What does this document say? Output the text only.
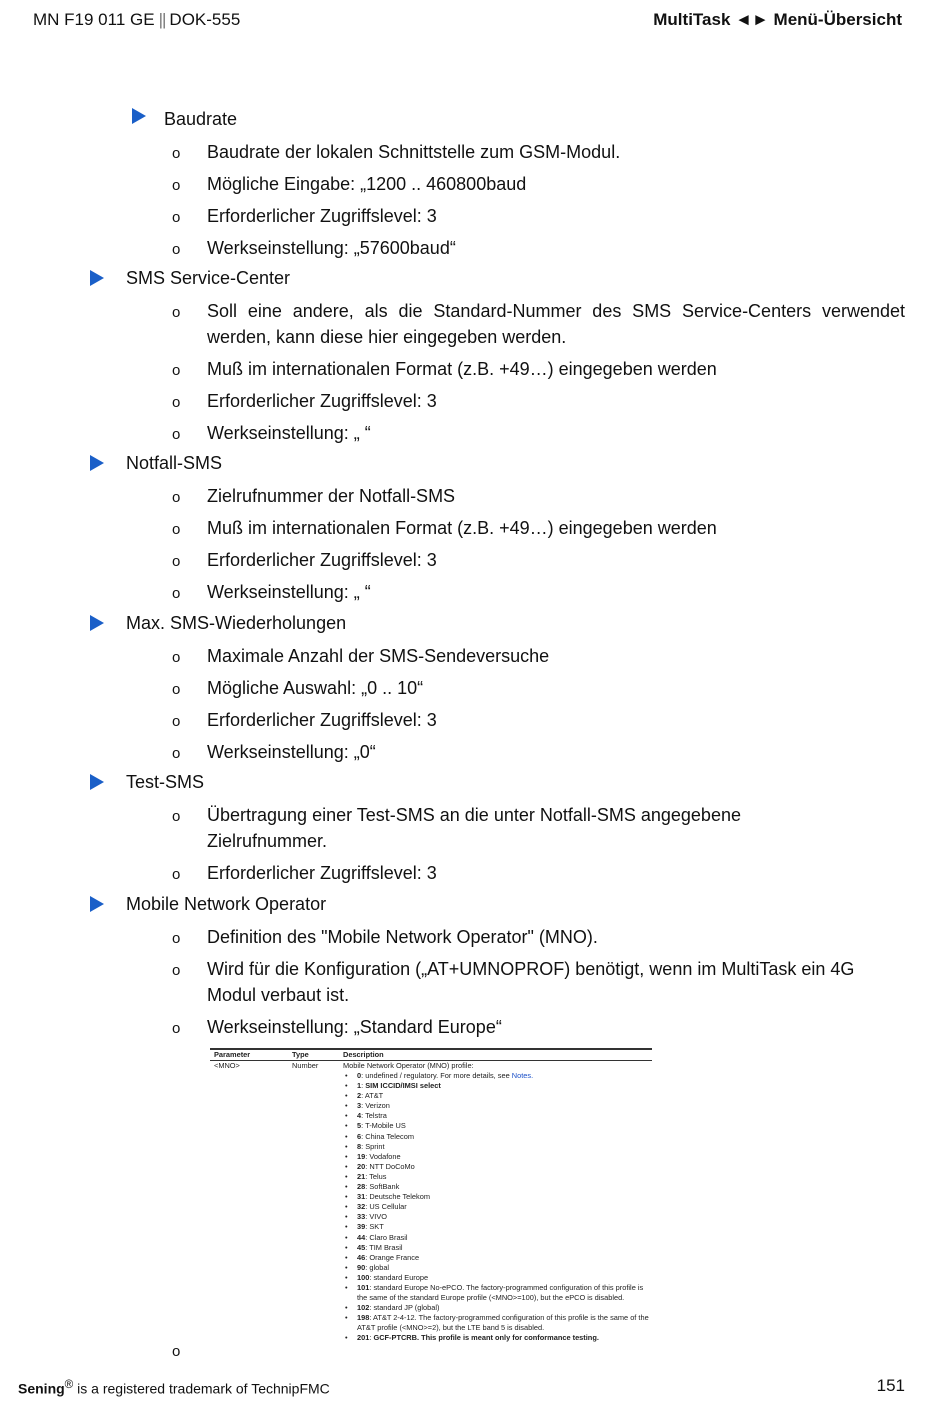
MN F19 011 GE || DOK-555	MultiTask ◄► Menü-Übersicht
Baudrate
o Baudrate der lokalen Schnittstelle zum GSM-Modul.
o Mögliche Eingabe: „1200 .. 460800baud
o Erforderlicher Zugriffslevel: 3
o Werkseinstellung: „57600baud“
SMS Service-Center
o Soll eine andere, als die Standard-Nummer des SMS Service-Centers verwendet werden, kann diese hier eingegeben werden.
o Muß im internationalen Format (z.B. +49…) eingegeben werden
o Erforderlicher Zugriffslevel: 3
o Werkseinstellung: „ “
Notfall-SMS
o Zielrufnummer der Notfall-SMS
o Muß im internationalen Format (z.B. +49…) eingegeben werden
o Erforderlicher Zugriffslevel: 3
o Werkseinstellung: „ “
Max. SMS-Wiederholungen
o Maximale Anzahl der SMS-Sendeversuche
o Mögliche Auswahl: „0 .. 10“
o Erforderlicher Zugriffslevel: 3
o Werkseinstellung: „0“
Test-SMS
o Übertragung einer Test-SMS an die unter Notfall-SMS angegebene Zielrufnummer.
o Erforderlicher Zugriffslevel: 3
Mobile Network Operator
o Definition des "Mobile Network Operator" (MNO).
o Wird für die Konfiguration („AT+UMNOPROF) benötigt, wenn im MultiTask ein 4G Modul verbaut ist.
o Werkseinstellung: „Standard Europe“
Parameter	Type	Description
<MNO>	Number	Mobile Network Operator (MNO) profile:
• 0: undefined / regulatory. For more details, see Notes.
• 1: SIM ICCID/IMSI select
• 2: AT&T
• 3: Verizon
• 4: Telstra
• 5: T-Mobile US
• 6: China Telecom
• 8: Sprint
• 19: Vodafone
• 20: NTT DoCoMo
• 21: Telus
• 28: SoftBank
• 31: Deutsche Telekom
• 32: US Cellular
• 33: VIVO
• 39: SKT
• 44: Claro Brasil
• 45: TIM Brasil
• 46: Orange France
• 90: global
• 100: standard Europe
• 101: standard Europe No-ePCO. The factory-programmed configuration of this profile is the same of the standard Europe profile (<MNO>=100), but the ePCO is disabled.
• 102: standard JP (global)
• 198: AT&T 2-4-12. The factory-programmed configuration of this profile is the same of the AT&T profile (<MNO>=2), but the LTE band 5 is disabled.
• 201: GCF-PTCRB. This profile is meant only for conformance testing.
o
Sening® is a registered trademark of TechnipFMC	151
